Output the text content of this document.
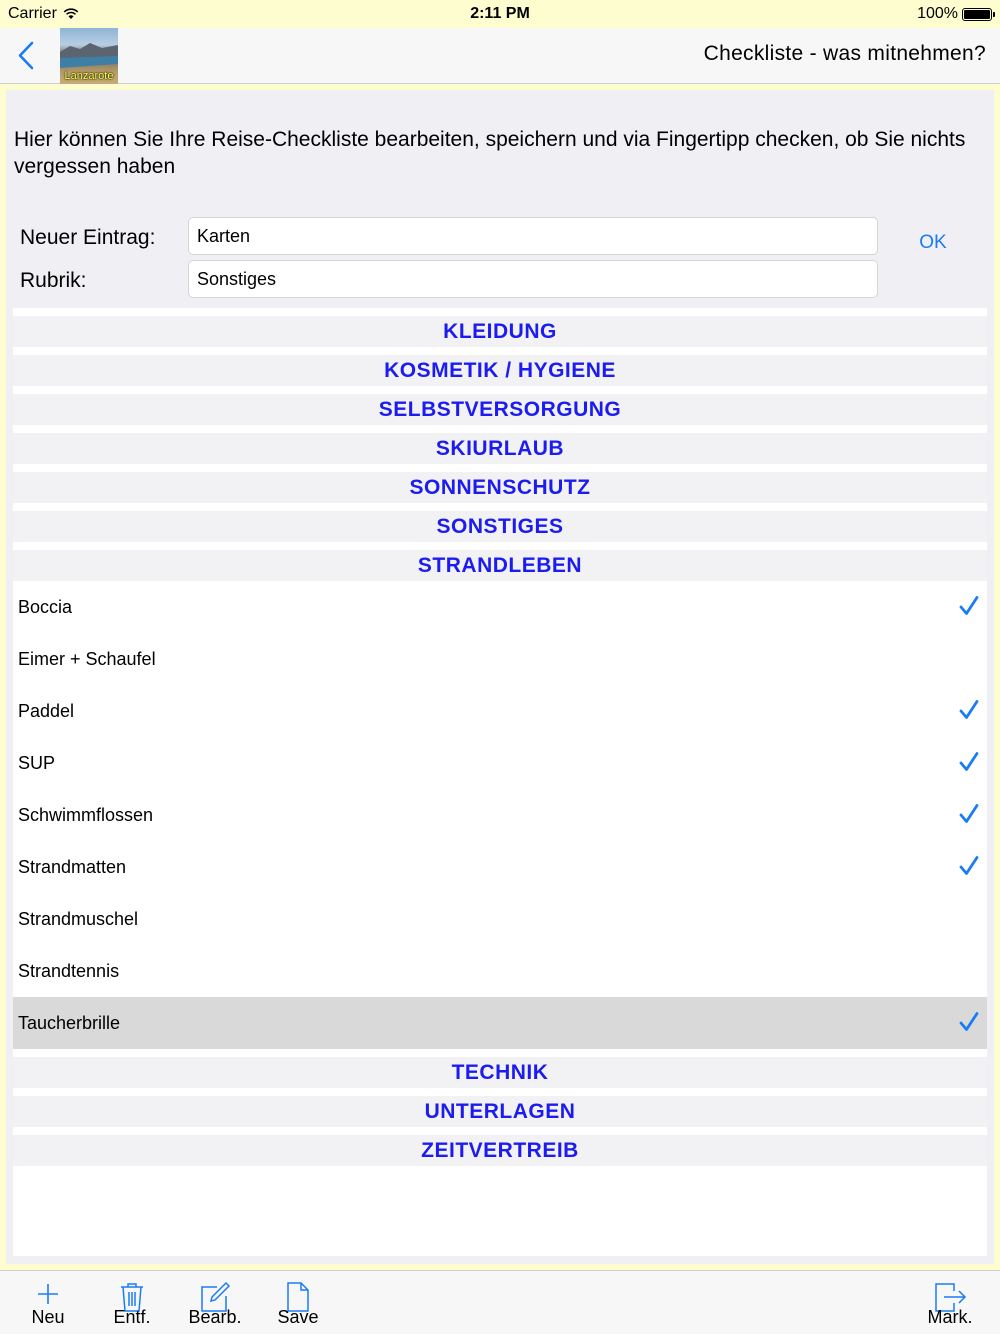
Carrier	2:11 PM	100%
Lanzarote
Checkliste - was mitnehmen?
Hier können Sie Ihre Reise-Checkliste bearbeiten, speichern und via Fingertipp checken, ob Sie nichts vergessen haben
Neuer Eintrag:
Karten	OK
Rubrik:
Sonstiges
KLEIDUNG
KOSMETIK / HYGIENE
SELBSTVERSORGUNG
SKIURLAUB
SONNENSCHUTZ
SONSTIGES
STRANDLEBEN
Boccia
Eimer + Schaufel
Paddel
SUP
Schwimmflossen
Strandmatten
Strandmuschel
Strandtennis
Taucherbrille
TECHNIK
UNTERLAGEN
ZEITVERTREIB
Neu	Entf.	Bearb.	Save	Mark.
